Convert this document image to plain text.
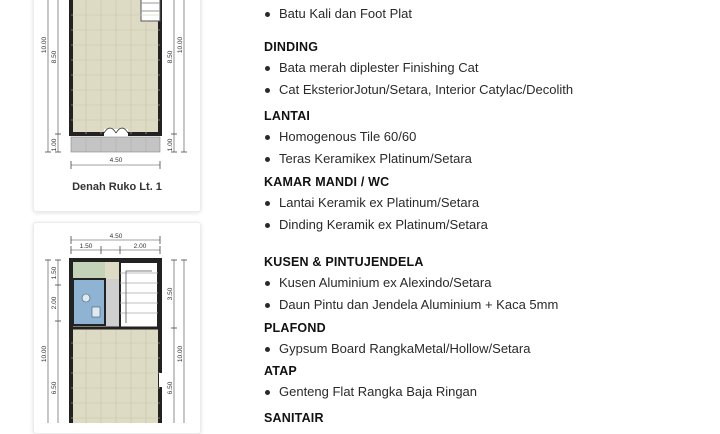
10.00
8.50
1.00
8.50
1.00
10.00
4.50
Denah Ruko Lt. 1
4.50
1.50	2.00
1.50
2.00
10.00
6.50
3.50
10.00
6.50
Batu Kali dan Foot Plat
DINDING
Bata merah diplester Finishing Cat
Cat EksteriorJotun/Setara, Interior Catylac/Decolith
LANTAI
Homogenous Tile 60/60
Teras Keramikex Platinum/Setara
KAMAR MANDI / WC
Lantai Keramik ex Platinum/Setara
Dinding Keramik ex Platinum/Setara
KUSEN & PINTUJENDELA
Kusen Aluminium ex Alexindo/Setara
Daun Pintu dan Jendela Aluminium + Kaca 5mm
PLAFOND
Gypsum Board RangkaMetal/Hollow/Setara
ATAP
Genteng Flat Rangka Baja Ringan
SANITAIR
